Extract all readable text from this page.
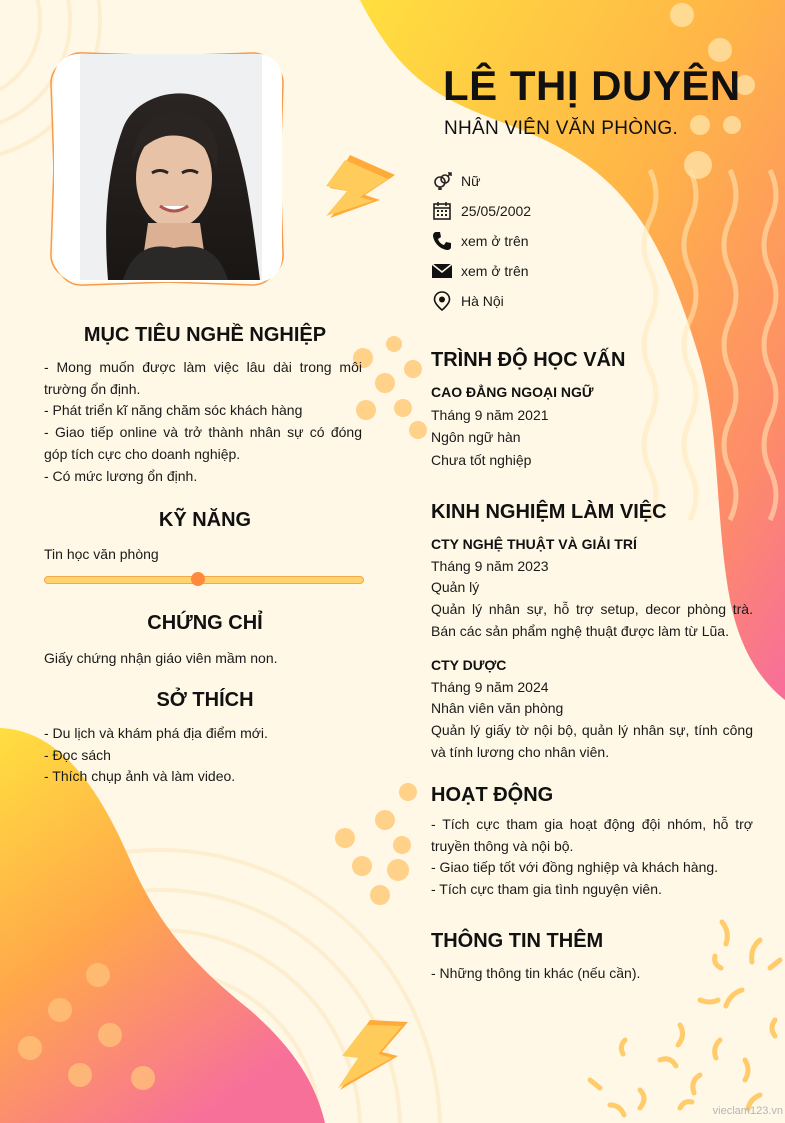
LÊ THỊ DUYÊN
NHÂN VIÊN VĂN PHÒNG.
Nữ
25/05/2002
xem ở trên
xem ở trên
Hà Nội
MỤC TIÊU NGHỀ NGHIỆP
- Mong muốn được làm việc lâu dài trong môi trường ổn định.
- Phát triển kĩ năng chăm sóc khách hàng
- Giao tiếp online và trở thành nhân sự có đóng góp tích cực cho doanh nghiệp.
- Có mức lương ổn định.
KỸ NĂNG
Tin học văn phòng
CHỨNG CHỈ
Giấy chứng nhận giáo viên mầm non.
SỞ THÍCH
- Du lịch và khám phá địa điểm mới.
- Đọc sách
- Thích chụp ảnh và làm video.
TRÌNH ĐỘ HỌC VẤN
CAO ĐẲNG NGOẠI NGỮ
Tháng 9 năm 2021
Ngôn ngữ hàn
Chưa tốt nghiệp
KINH NGHIỆM LÀM VIỆC
CTY NGHỆ THUẬT VÀ GIẢI TRÍ
Tháng 9 năm 2023
Quản lý
Quản lý nhân sự, hỗ trợ setup, decor phòng trà. Bán các sản phẩm nghệ thuật được làm từ Lũa.
CTY DƯỢC
Tháng 9 năm 2024
Nhân viên văn phòng
Quản lý giấy tờ nội bộ, quản lý nhân sự, tính công và tính lương cho nhân viên.
HOẠT ĐỘNG
- Tích cực tham gia hoạt động đội nhóm, hỗ trợ truyền thông và nội bộ.
- Giao tiếp tốt với đồng nghiệp và khách hàng.
- Tích cực tham gia tình nguyện viên.
THÔNG TIN THÊM
- Những thông tin khác (nếu cần).
vieclam123.vn
